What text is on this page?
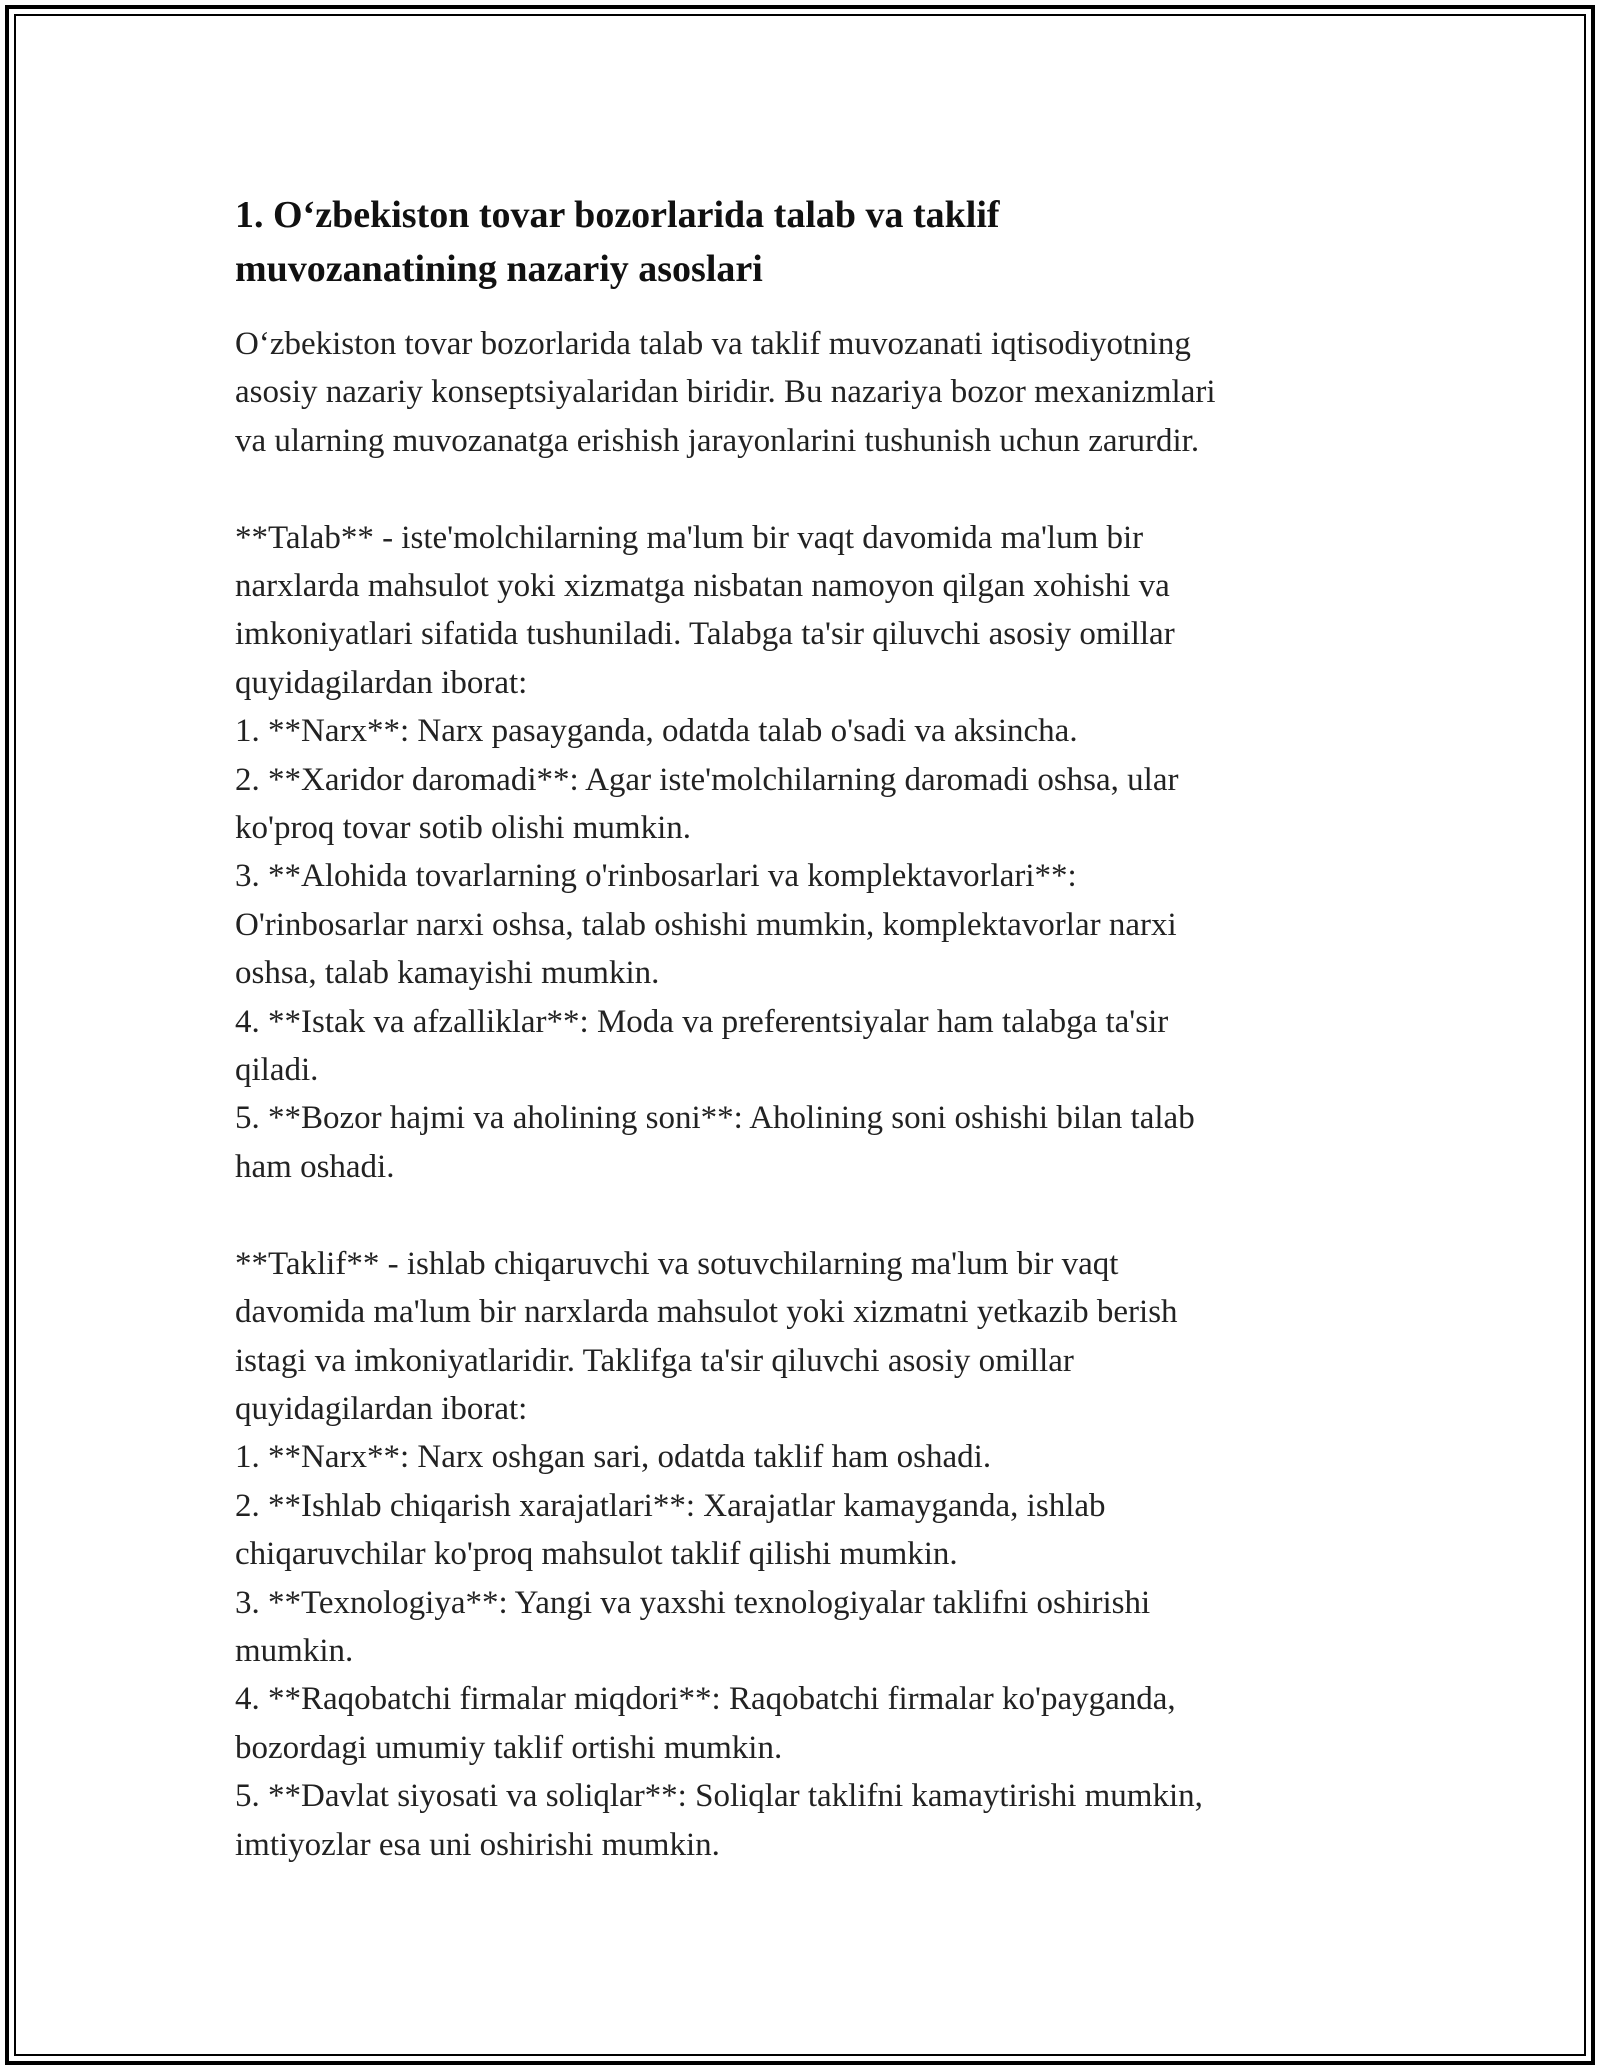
1. O‘zbekiston tovar bozorlarida talab va taklif
muvozanatining nazariy asoslari
O‘zbekiston tovar bozorlarida talab va taklif muvozanati iqtisodiyotning
asosiy nazariy konseptsiyalaridan biridir. Bu nazariya bozor mexanizmlari
va ularning muvozanatga erishish jarayonlarini tushunish uchun zarurdir.
**Talab** - iste'molchilarning ma'lum bir vaqt davomida ma'lum bir
narxlarda mahsulot yoki xizmatga nisbatan namoyon qilgan xohishi va
imkoniyatlari sifatida tushuniladi. Talabga ta'sir qiluvchi asosiy omillar
quyidagilardan iborat:
1. **Narx**: Narx pasayganda, odatda talab o'sadi va aksincha.
2. **Xaridor daromadi**: Agar iste'molchilarning daromadi oshsa, ular
ko'proq tovar sotib olishi mumkin.
3. **Alohida tovarlarning o'rinbosarlari va komplektavorlari**:
O'rinbosarlar narxi oshsa, talab oshishi mumkin, komplektavorlar narxi
oshsa, talab kamayishi mumkin.
4. **Istak va afzalliklar**: Moda va preferentsiyalar ham talabga ta'sir
qiladi.
5. **Bozor hajmi va aholining soni**: Aholining soni oshishi bilan talab
ham oshadi.
**Taklif** - ishlab chiqaruvchi va sotuvchilarning ma'lum bir vaqt
davomida ma'lum bir narxlarda mahsulot yoki xizmatni yetkazib berish
istagi va imkoniyatlaridir. Taklifga ta'sir qiluvchi asosiy omillar
quyidagilardan iborat:
1. **Narx**: Narx oshgan sari, odatda taklif ham oshadi.
2. **Ishlab chiqarish xarajatlari**: Xarajatlar kamayganda, ishlab
chiqaruvchilar ko'proq mahsulot taklif qilishi mumkin.
3. **Texnologiya**: Yangi va yaxshi texnologiyalar taklifni oshirishi
mumkin.
4. **Raqobatchi firmalar miqdori**: Raqobatchi firmalar ko'payganda,
bozordagi umumiy taklif ortishi mumkin.
5. **Davlat siyosati va soliqlar**: Soliqlar taklifni kamaytirishi mumkin,
imtiyozlar esa uni oshirishi mumkin.
